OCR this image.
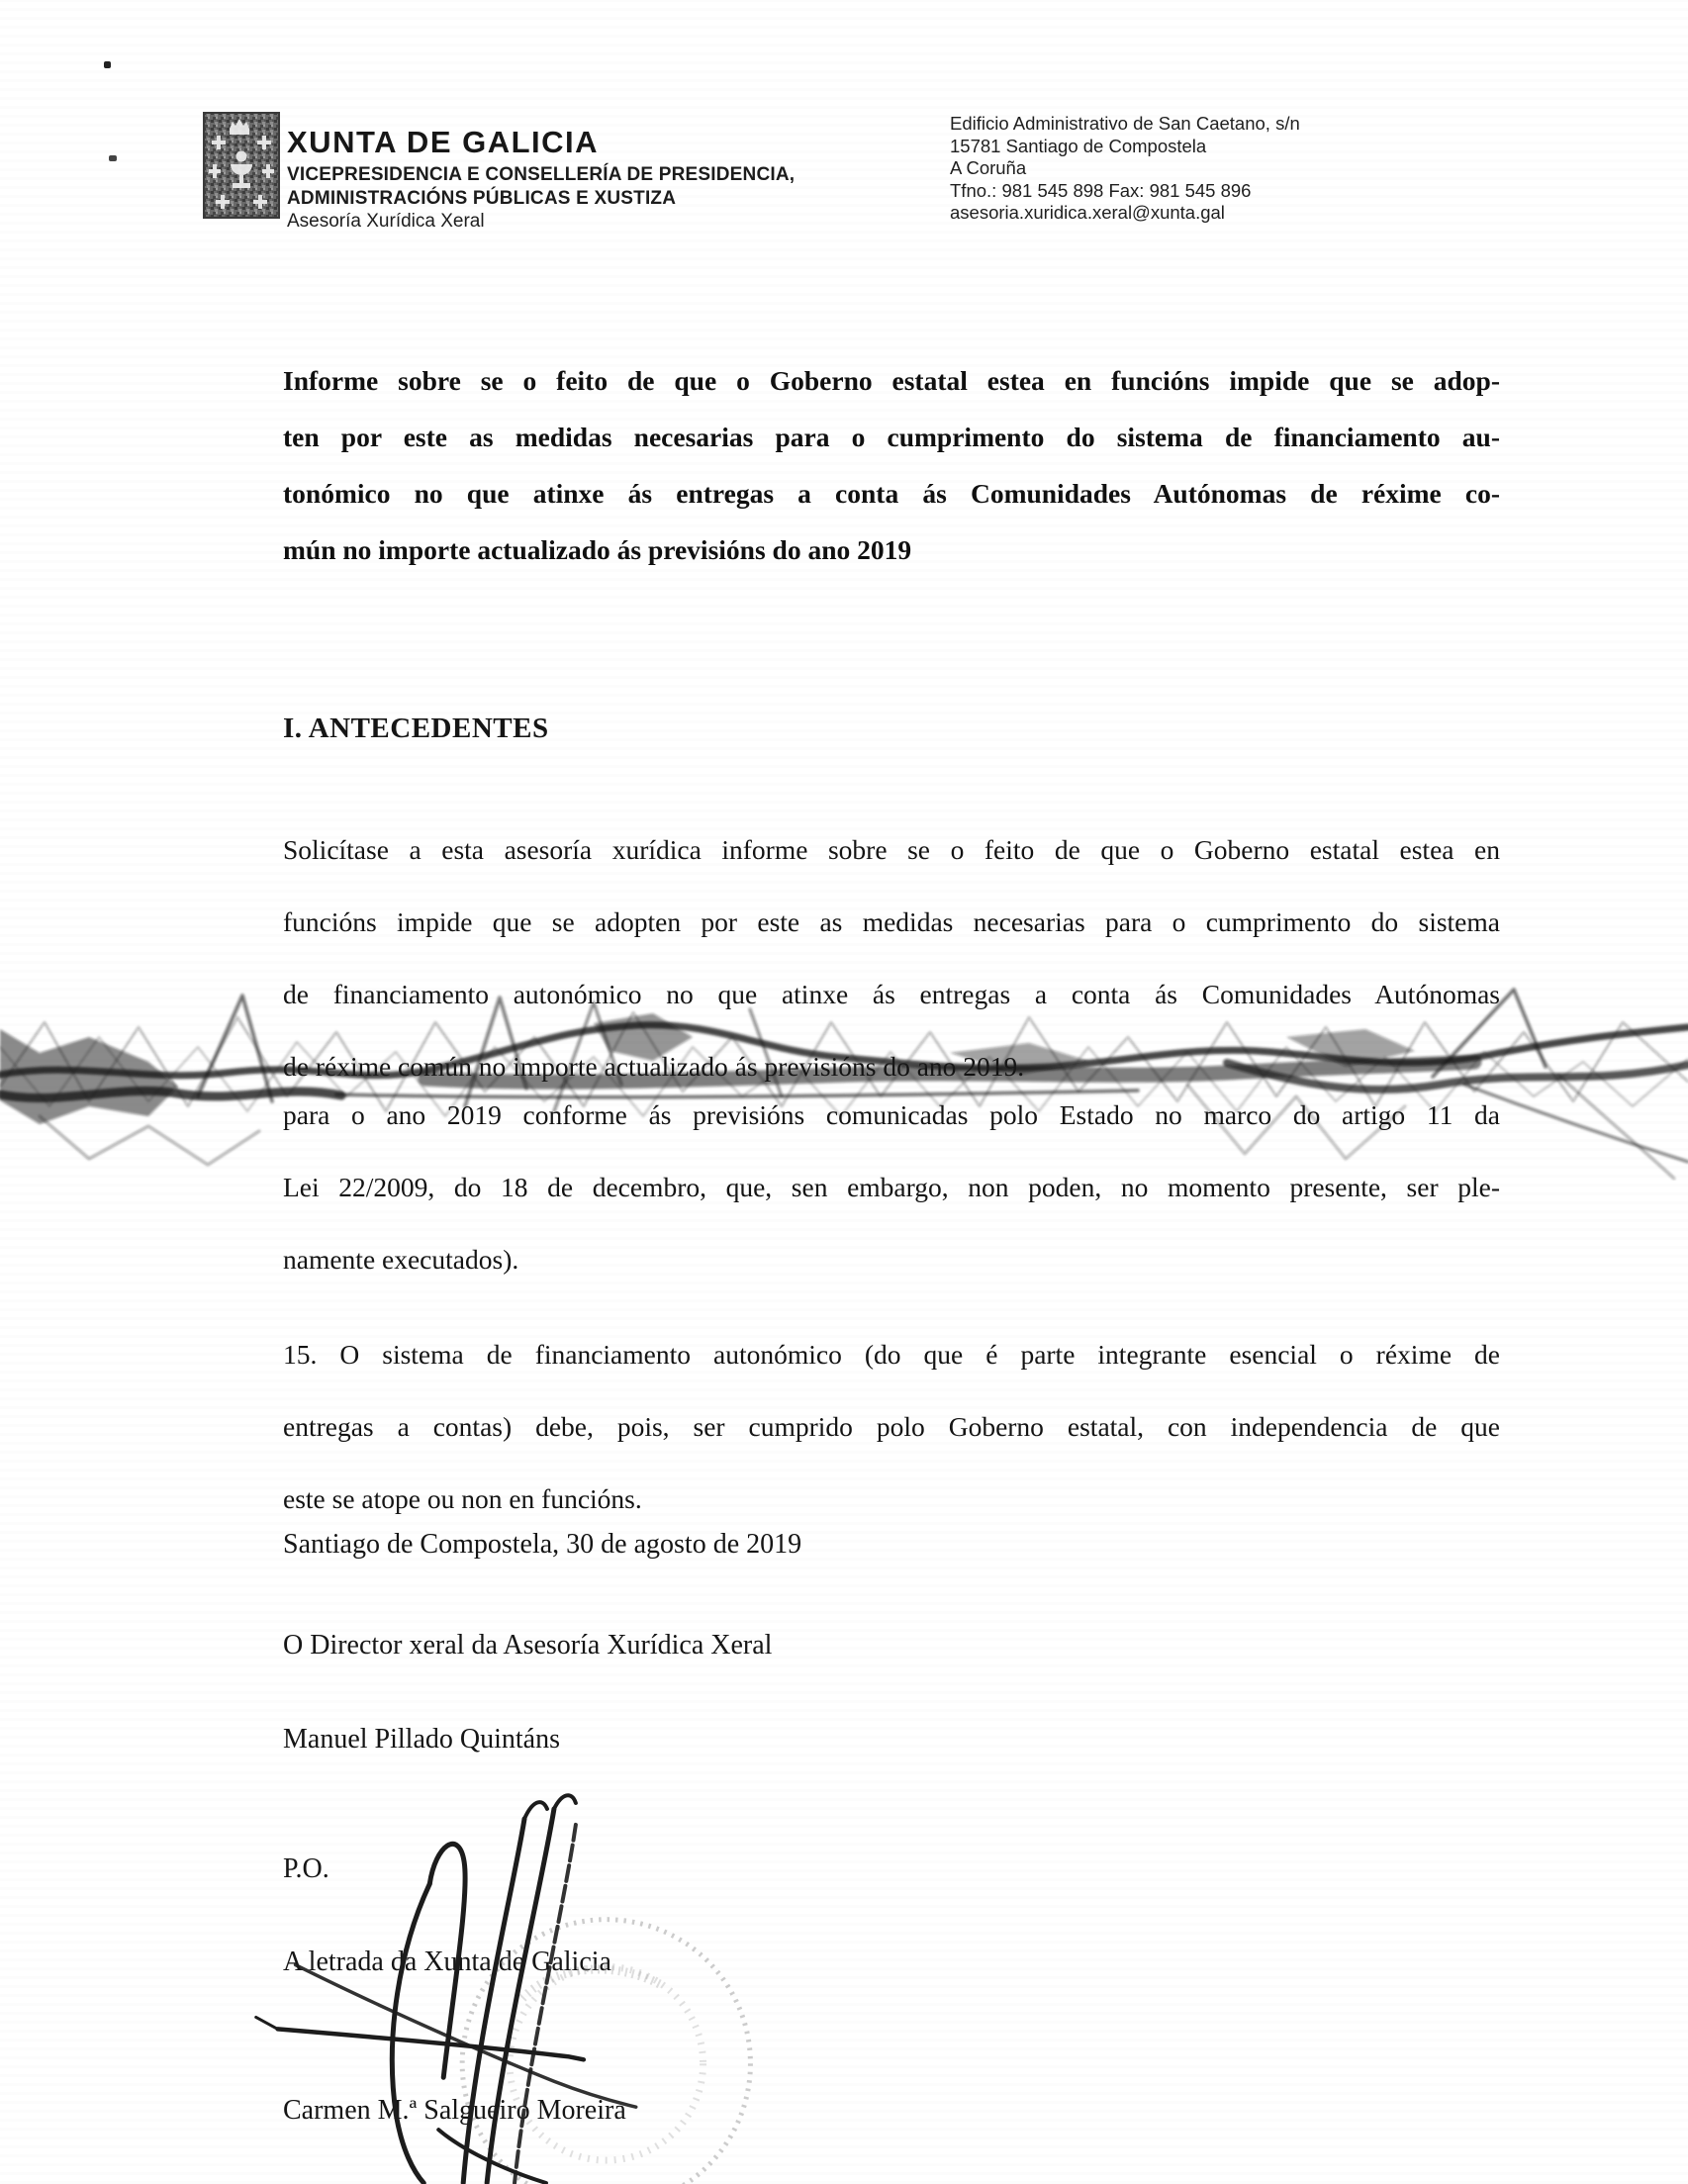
XUNTA DE GALICIA
VICEPRESIDENCIA E CONSELLERÍA DE PRESIDENCIA,
ADMINISTRACIÓNS PÚBLICAS E XUSTIZA
Asesoría Xurídica Xeral
Edificio Administrativo de San Caetano, s/n
15781 Santiago de Compostela
A Coruña
Tfno.: 981 545 898 Fax: 981 545 896
asesoria.xuridica.xeral@xunta.gal
Informe sobre se o feito de que o Goberno estatal estea en funcións impide que se adop-
ten por este as medidas necesarias para o cumprimento do sistema de financiamento au-
tonómico no que atinxe ás entregas a conta ás Comunidades Autónomas de réxime co-
mún no importe actualizado ás previsións do ano 2019
I. ANTECEDENTES
Solicítase a esta asesoría xurídica informe sobre se o feito de que o Goberno estatal estea en
funcións impide que se adopten por este as medidas necesarias para o cumprimento do sistema
de financiamento autonómico no que atinxe ás entregas a conta ás Comunidades Autónomas
de réxime común no importe actualizado ás previsións do ano 2019.
para o ano 2019 conforme ás previsións comunicadas polo Estado no marco do artigo 11 da
Lei 22/2009, do 18 de decembro, que, sen embargo, non poden, no momento presente, ser ple-
namente executados).
15. O sistema de financiamento autonómico (do que é parte integrante esencial o réxime de
entregas a contas) debe, pois, ser cumprido polo Goberno estatal, con independencia de que
este se atope ou non en funcións.
Santiago de Compostela, 30 de agosto de 2019
O Director xeral da Asesoría Xurídica Xeral
Manuel Pillado Quintáns
P.O.
A letrada da Xunta de Galicia
Carmen M.ª Salgueiro Moreira
